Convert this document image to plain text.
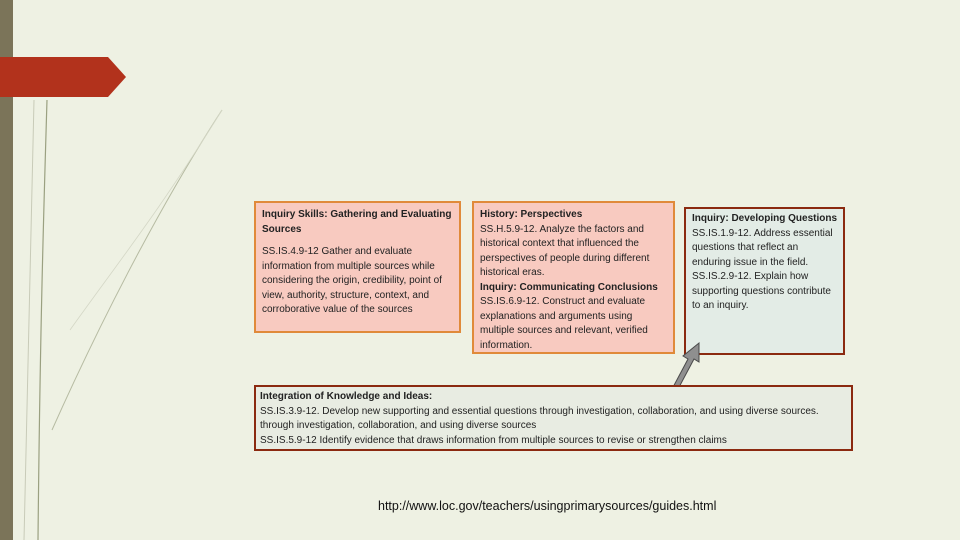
Inquiry Skills: Gathering and Evaluating Sources
SS.IS.4.9-12 Gather and evaluate information from multiple sources while considering the origin, credibility, point of view, authority, structure, context, and corroborative value of the sources
History: Perspectives
SS.H.5.9-12. Analyze the factors and historical context that influenced the perspectives of people during different historical eras.
Inquiry: Communicating Conclusions
SS.IS.6.9-12. Construct and evaluate explanations and arguments using multiple sources and relevant, verified information.
Inquiry: Developing Questions
SS.IS.1.9-12. Address essential questions that reflect an enduring issue in the field.
SS.IS.2.9-12. Explain how supporting questions contribute to an inquiry.
Integration of Knowledge and Ideas:
SS.IS.3.9-12. Develop new supporting and essential questions through investigation, collaboration, and using diverse sources. through investigation, collaboration, and using diverse sources
SS.IS.5.9-12 Identify evidence that draws information from multiple sources to revise or strengthen claims
http://www.loc.gov/teachers/usingprimarysources/guides.html
